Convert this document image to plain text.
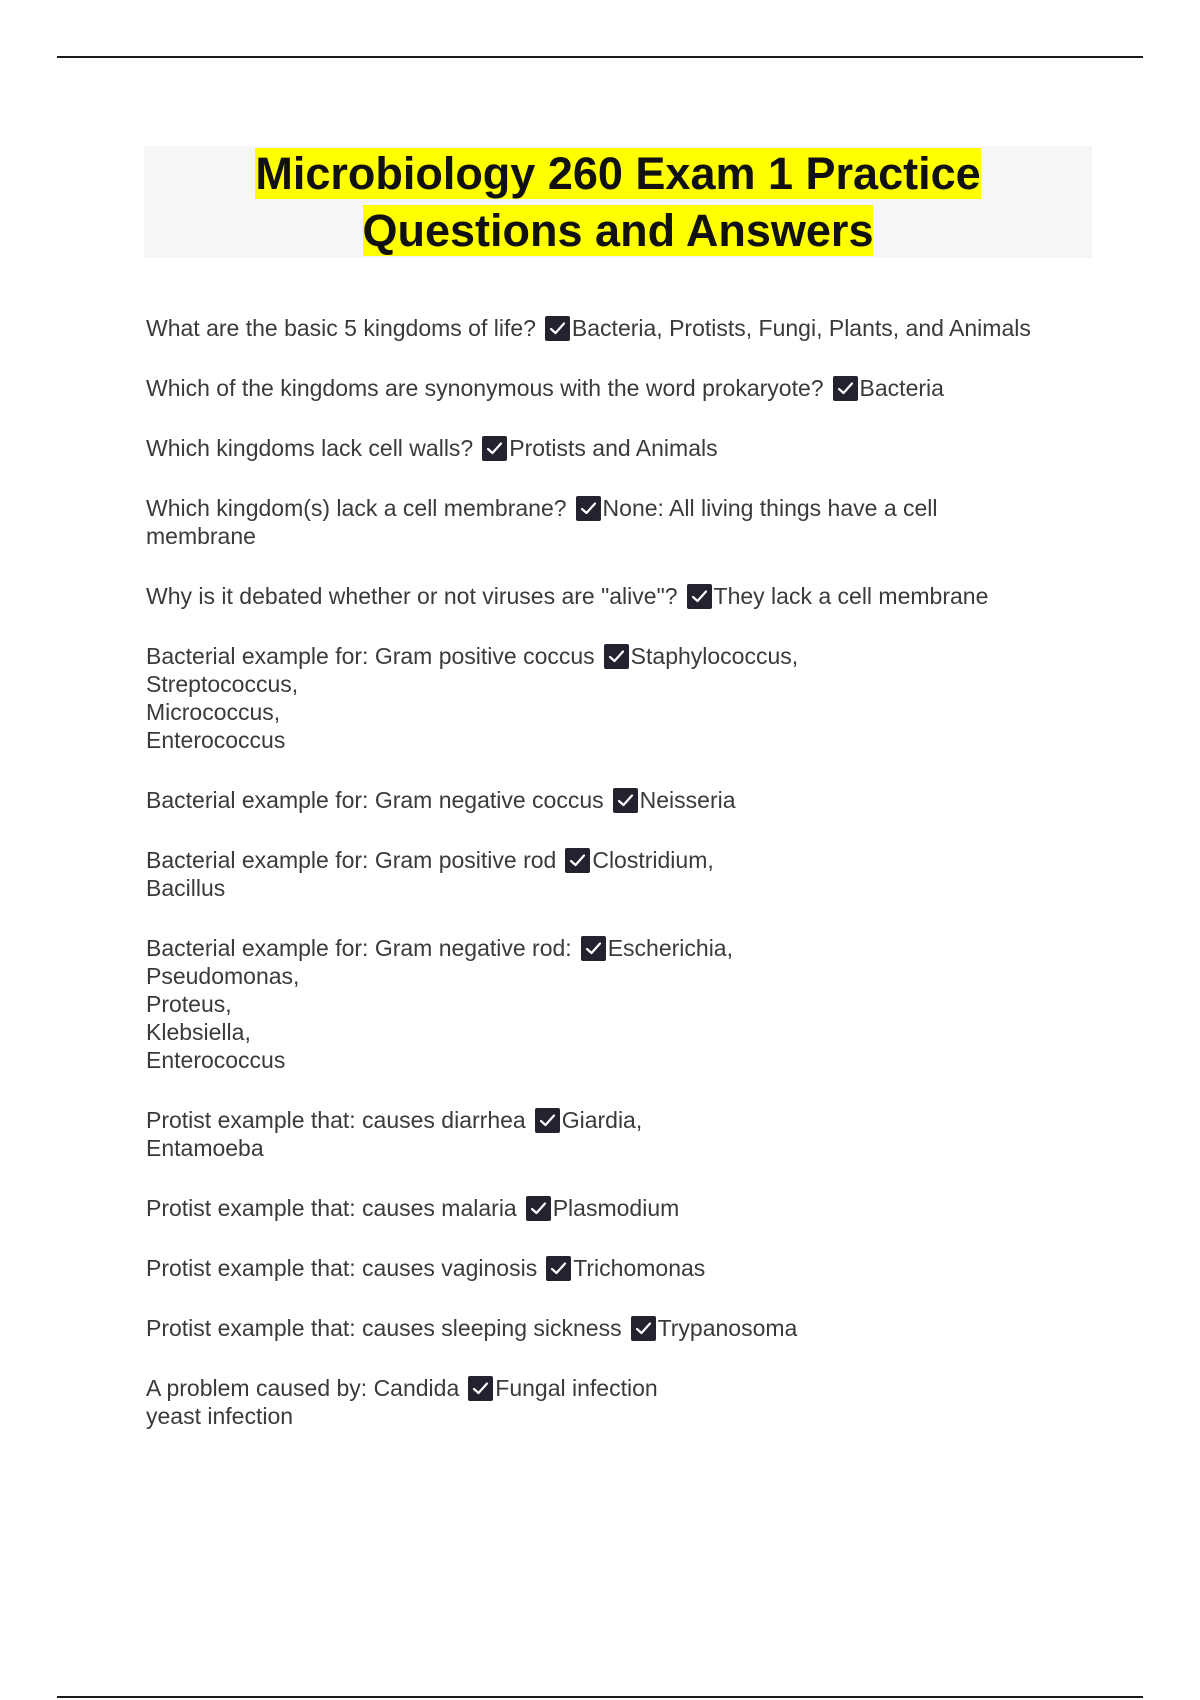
Microbiology 260 Exam 1 Practice
Questions and Answers
What are the basic 5 kingdoms of life? Bacteria, Protists, Fungi, Plants, and Animals
Which of the kingdoms are synonymous with the word prokaryote? Bacteria
Which kingdoms lack cell walls? Protists and Animals
Which kingdom(s) lack a cell membrane? None: All living things have a cell
membrane
Why is it debated whether or not viruses are "alive"? They lack a cell membrane
Bacterial example for: Gram positive coccus Staphylococcus,
Streptococcus,
Micrococcus,
Enterococcus
Bacterial example for: Gram negative coccus Neisseria
Bacterial example for: Gram positive rod Clostridium,
Bacillus
Bacterial example for: Gram negative rod: Escherichia,
Pseudomonas,
Proteus,
Klebsiella,
Enterococcus
Protist example that: causes diarrhea Giardia,
Entamoeba
Protist example that: causes malaria Plasmodium
Protist example that: causes vaginosis Trichomonas
Protist example that: causes sleeping sickness Trypanosoma
A problem caused by: Candida Fungal infection
yeast infection
